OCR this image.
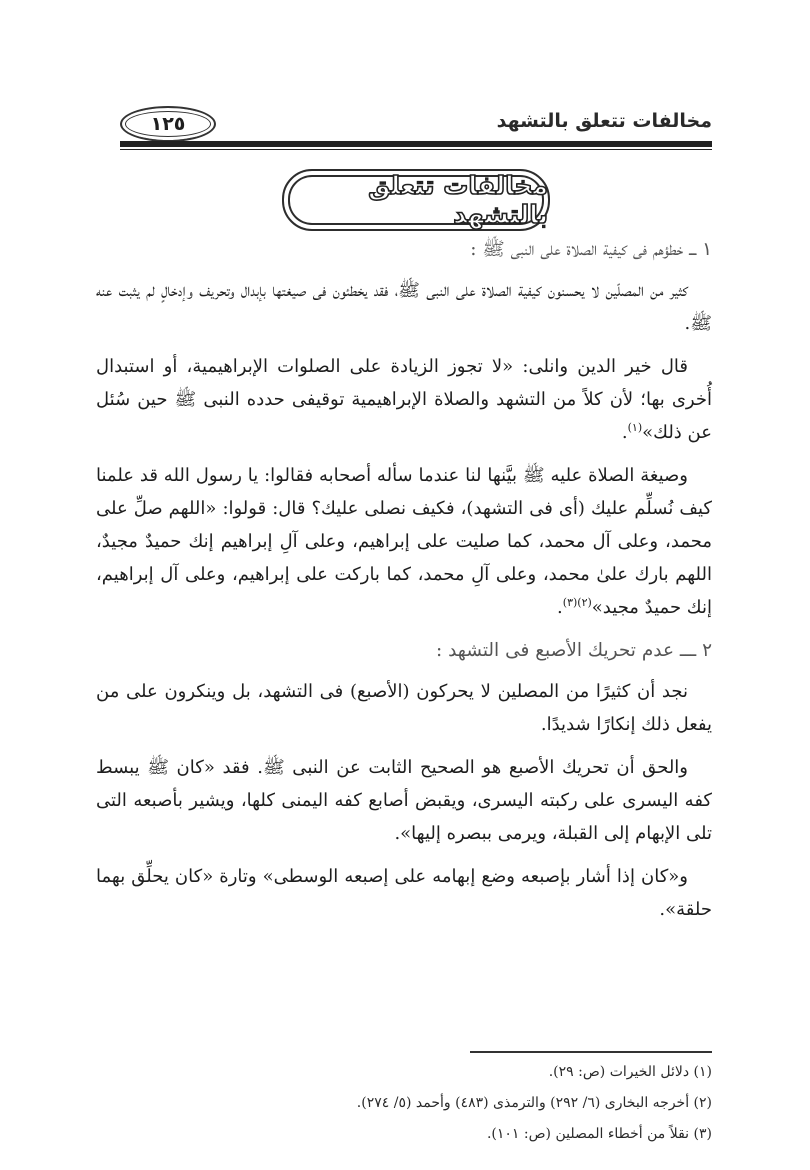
مخالفات تتعلق بالتشهد
١٢٥
مخالفات تتعلق بالتشهد
١ ـــ خطؤهم فى كيفية الصلاة على النبى ﷺ :

كثير من المصلّين لا يحسنون كيفية الصلاة على النبى ﷺ، فقد يخطئون فى صيغتها بإبدال وتحريف وإدخالٍ لم يثبت عنه ﷺ.

قال خير الدين وانلى: «لا تجوز الزيادة على الصلوات الإبراهيمية، أو استبدال أُخرى بها؛ لأن كلاً من التشهد والصلاة الإبراهيمية توقيفى حدده النبى ﷺ حين سُئل عن ذلك»$^{(١)}$.

وصيغة الصلاة عليه ﷺ بيَّنها لنا عندما سأله أصحابه فقالوا: يا رسول الله قد علمنا كيف نُسلِّم عليك (أى فى التشهد)، فكيف نصلى عليك؟ قال: قولوا: «اللهم صلِّ على محمد، وعلى آل محمد، كما صليت على إبراهيم، وعلى آلِ إبراهيم إنك حميدٌ مجيدٌ، اللهم بارك علىٰ محمد، وعلى آلِ محمد، كما باركت على إبراهيم، وعلى آل إبراهيم، إنك حميدٌ مجيد»$^{(٢)(٣)}$.

٢ ـــ عدم تحريك الأصبع فى التشهد :

نجد أن كثيرًا من المصلين لا يحركون (الأصبع) فى التشهد، بل وينكرون على من يفعل ذلك إنكارًا شديدًا.

والحق أن تحريك الأصبع هو الصحيح الثابت عن النبى ﷺ. فقد «كان ﷺ يبسط كفه اليسرى على ركبته اليسرى، ويقبض أصابع كفه اليمنى كلها، ويشير بأصبعه التى تلى الإبهام إلى القبلة، ويرمى ببصره إليها».

و«كان إذا أشار بإصبعه وضع إبهامه على إصبعه الوسطى» وتارة «كان يحلِّق بهما حلقة».

(١) دلائل الخيرات (ص: ٢٩).
(٢) أخرجه البخارى (٦/ ٢٩٢) والترمذى (٤٨٣) وأحمد (٥/ ٢٧٤).
(٣) نقلاً من أخطاء المصلين (ص: ١٠١).
